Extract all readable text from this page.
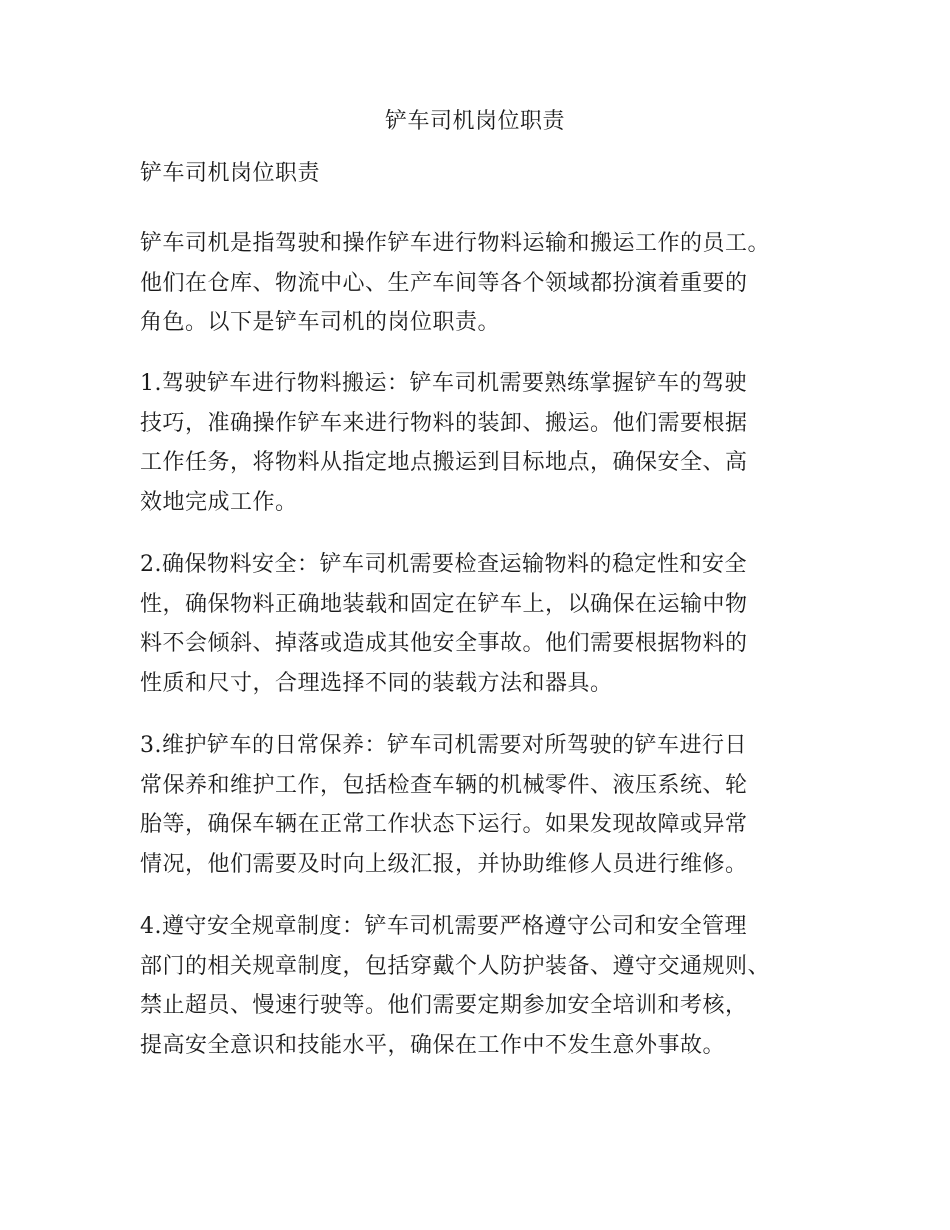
铲车司机岗位职责

铲车司机岗位职责

铲车司机是指驾驶和操作铲车进行物料运输和搬运工作的员工。
他们在仓库、物流中心、生产车间等各个领域都扮演着重要的
角色。以下是铲车司机的岗位职责。

1.驾驶铲车进行物料搬运：铲车司机需要熟练掌握铲车的驾驶
技巧，准确操作铲车来进行物料的装卸、搬运。他们需要根据
工作任务，将物料从指定地点搬运到目标地点，确保安全、高
效地完成工作。

2.确保物料安全：铲车司机需要检查运输物料的稳定性和安全
性，确保物料正确地装载和固定在铲车上，以确保在运输中物
料不会倾斜、掉落或造成其他安全事故。他们需要根据物料的
性质和尺寸，合理选择不同的装载方法和器具。

3.维护铲车的日常保养：铲车司机需要对所驾驶的铲车进行日
常保养和维护工作，包括检查车辆的机械零件、液压系统、轮
胎等，确保车辆在正常工作状态下运行。如果发现故障或异常
情况，他们需要及时向上级汇报，并协助维修人员进行维修。

4.遵守安全规章制度：铲车司机需要严格遵守公司和安全管理
部门的相关规章制度，包括穿戴个人防护装备、遵守交通规则、
禁止超员、慢速行驶等。他们需要定期参加安全培训和考核，
提高安全意识和技能水平，确保在工作中不发生意外事故。
